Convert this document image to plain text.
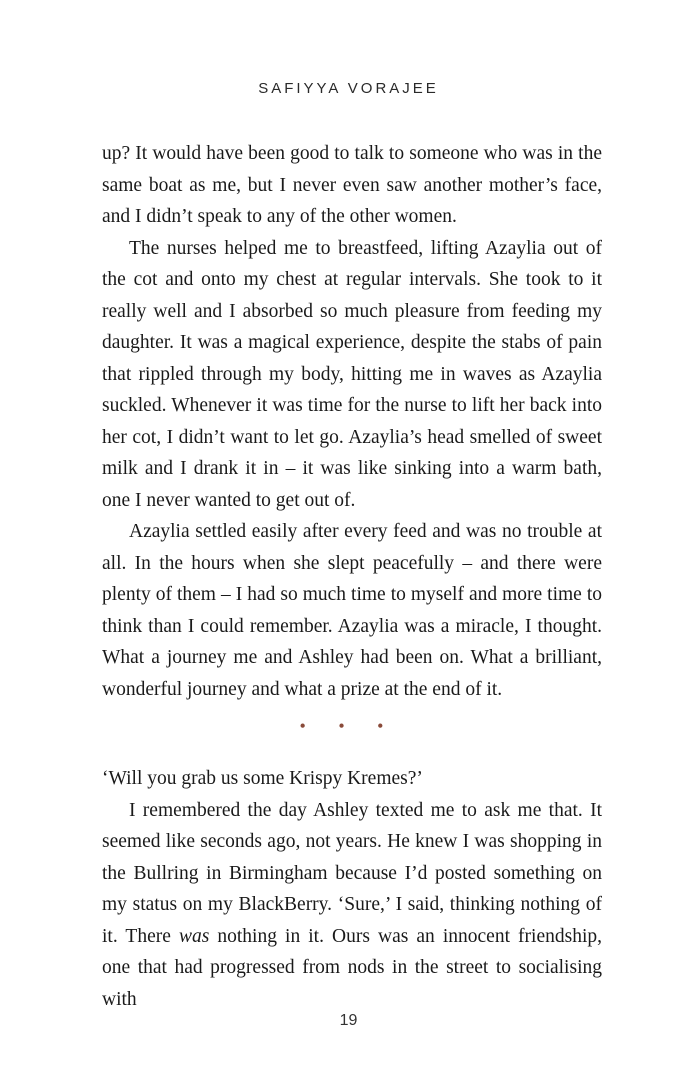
SAFIYYA VORAJEE

up? It would have been good to talk to someone who was in the same boat as me, but I never even saw another mother’s face, and I didn’t speak to any of the other women.

The nurses helped me to breastfeed, lifting Azaylia out of the cot and onto my chest at regular intervals. She took to it really well and I absorbed so much pleasure from feeding my daughter. It was a magical experience, despite the stabs of pain that rippled through my body, hitting me in waves as Azaylia suckled. Whenever it was time for the nurse to lift her back into her cot, I didn’t want to let go. Azaylia’s head smelled of sweet milk and I drank it in – it was like sinking into a warm bath, one I never wanted to get out of.

Azaylia settled easily after every feed and was no trouble at all. In the hours when she slept peacefully – and there were plenty of them – I had so much time to myself and more time to think than I could remember. Azaylia was a miracle, I thought. What a journey me and Ashley had been on. What a brilliant, wonderful journey and what a prize at the end of it.

• • •

‘Will you grab us some Krispy Kremes?’

I remembered the day Ashley texted me to ask me that. It seemed like seconds ago, not years. He knew I was shopping in the Bullring in Birmingham because I’d posted something on my status on my BlackBerry. ‘Sure,’ I said, thinking nothing of it. There was nothing in it. Ours was an innocent friendship, one that had progressed from nods in the street to socialising with

19
